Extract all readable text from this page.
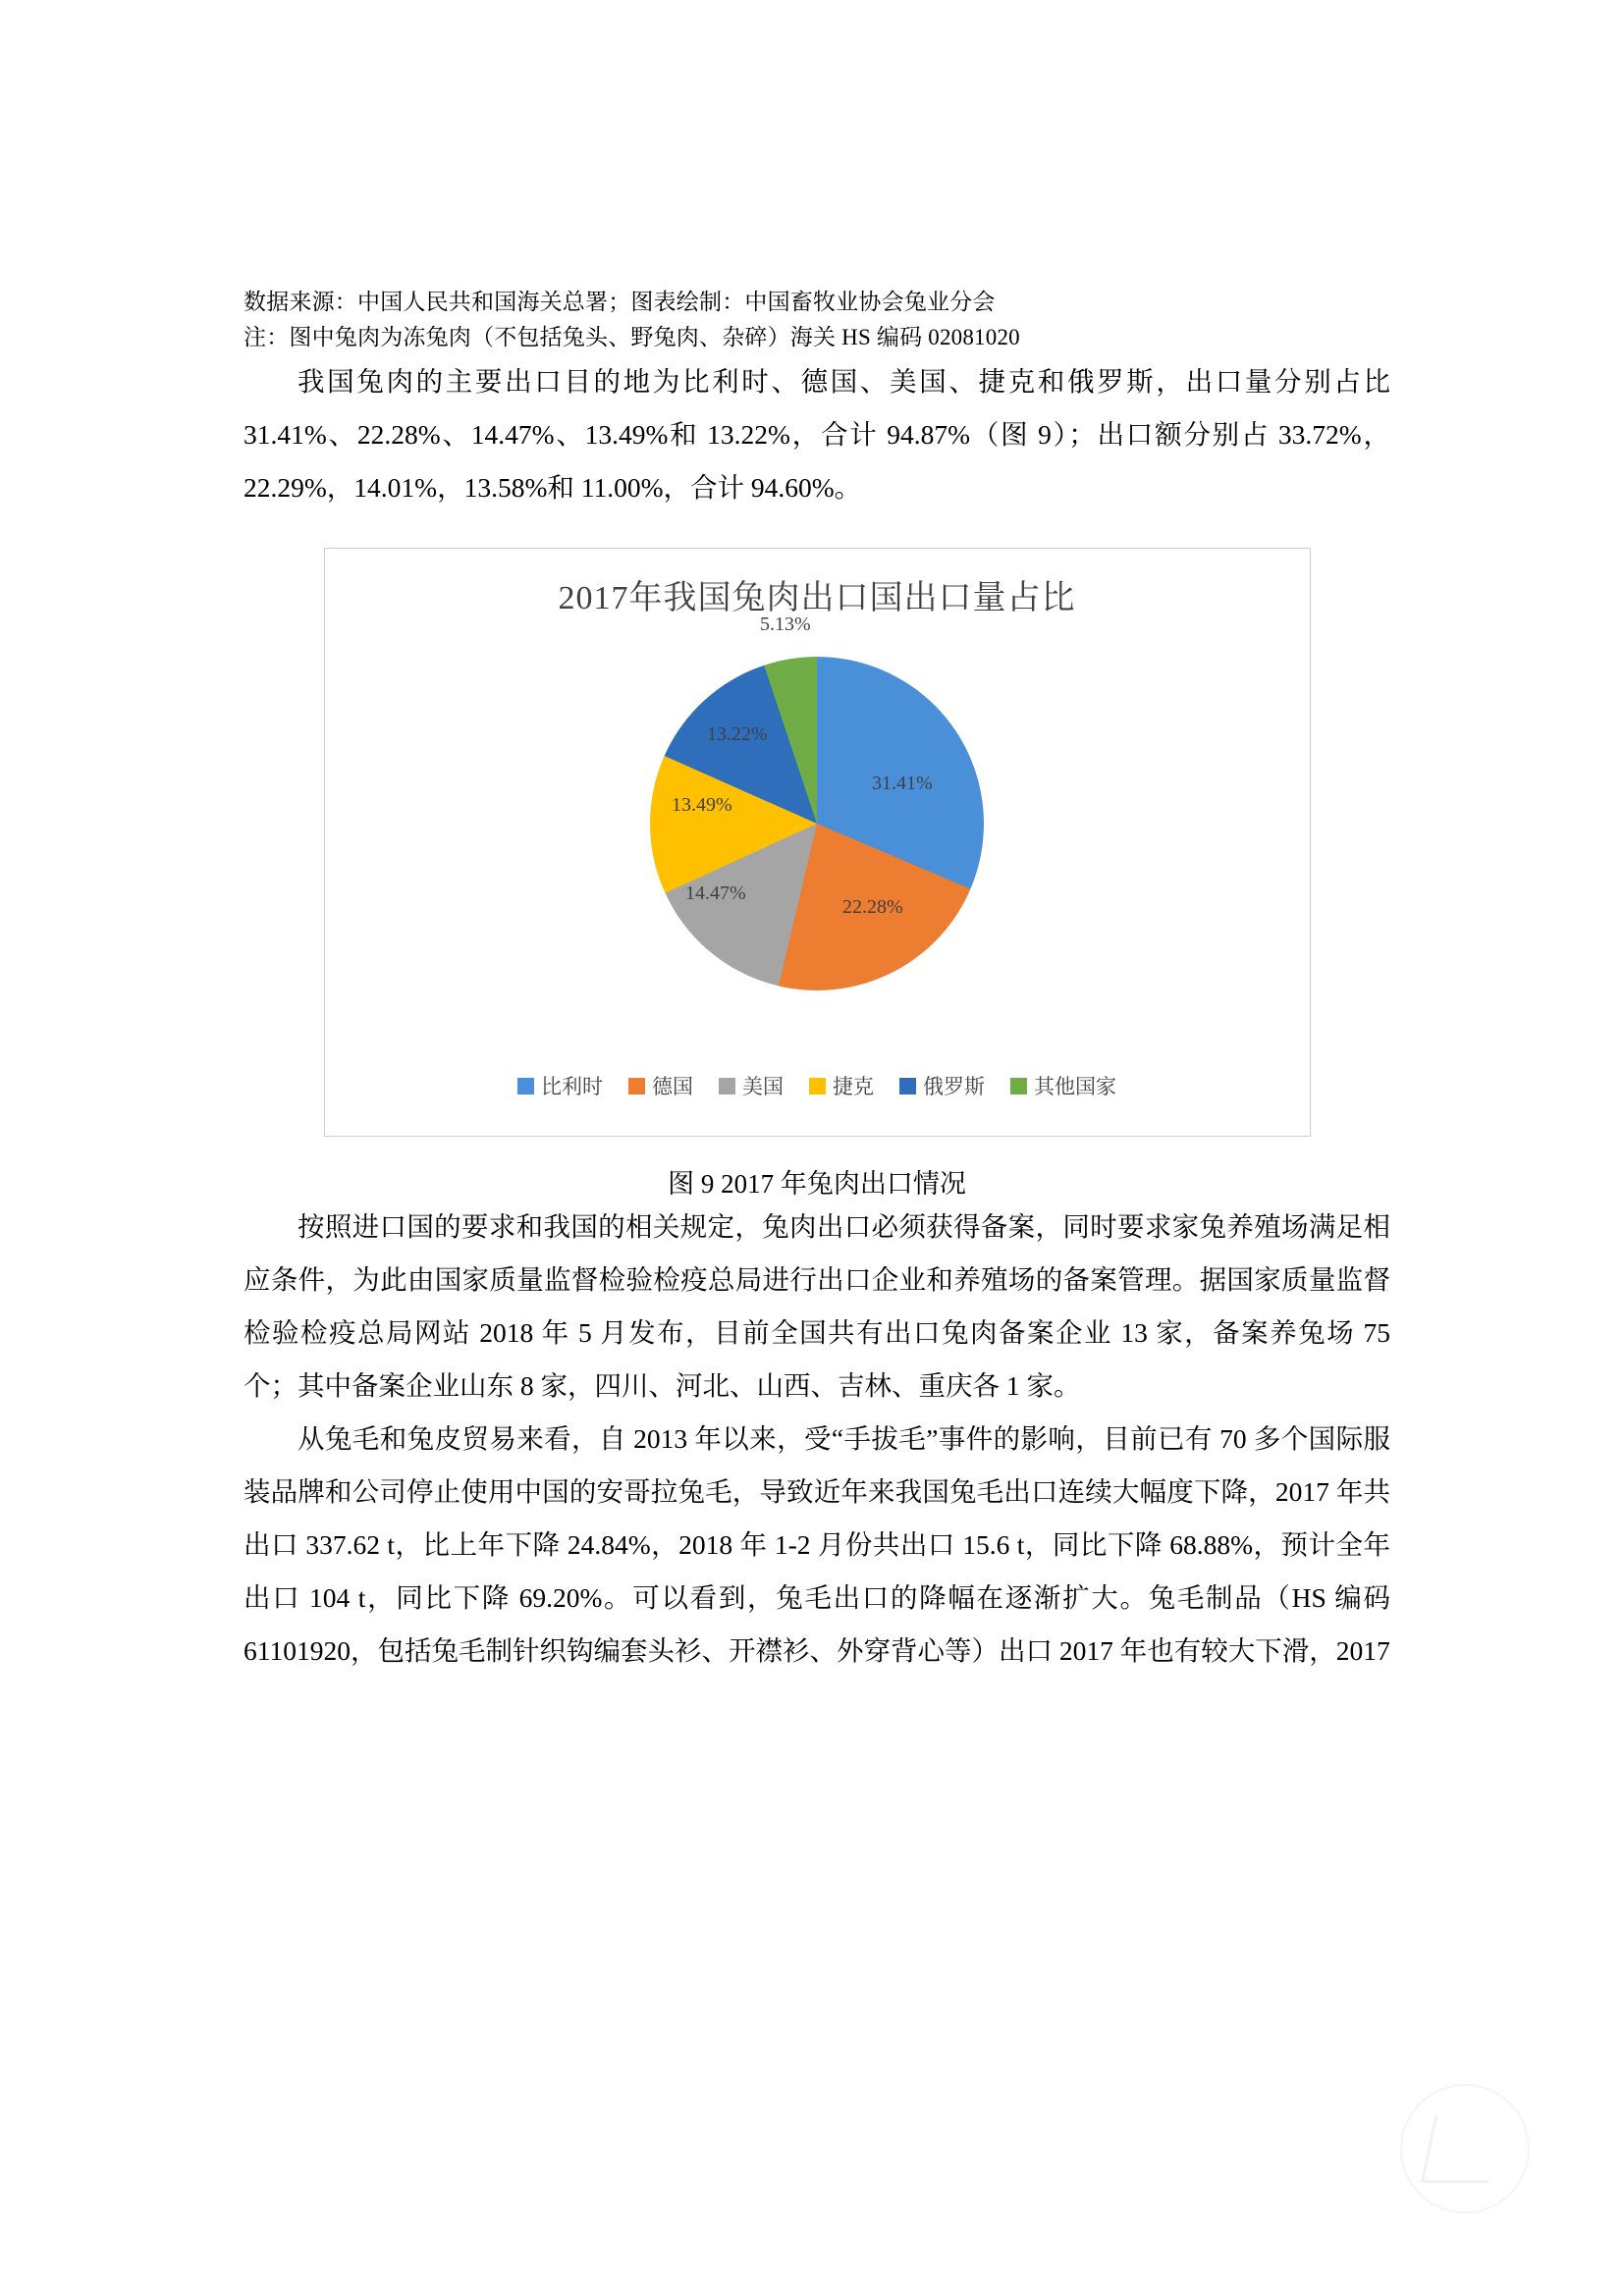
数据来源：中国人民共和国海关总署；图表绘制：中国畜牧业协会兔业分会
注：图中兔肉为冻兔肉（不包括兔头、野兔肉、杂碎）海关 HS 编码 02081020

我国兔肉的主要出口目的地为比利时、德国、美国、捷克和俄罗斯，出口量分别占比 31.41%、22.28%、14.47%、13.49%和 13.22%，合计 94.87%（图 9）；出口额分别占 33.72%，22.29%，14.01%，13.58%和 11.00%，合计 94.60%。

2017年我国兔肉出口国出口量占比
31.41%
22.28%
14.47%
13.49%
13.22%
5.13%
比利时 德国 美国 捷克 俄罗斯 其他国家
图 9 2017 年兔肉出口情况

按照进口国的要求和我国的相关规定，兔肉出口必须获得备案，同时要求家兔养殖场满足相应条件，为此由国家质量监督检验检疫总局进行出口企业和养殖场的备案管理。据国家质量监督检验检疫总局网站 2018 年 5 月发布，目前全国共有出口兔肉备案企业 13 家，备案养兔场 75 个；其中备案企业山东 8 家，四川、河北、山西、吉林、重庆各 1 家。

从兔毛和兔皮贸易来看，自 2013 年以来，受“手拔毛”事件的影响，目前已有 70 多个国际服装品牌和公司停止使用中国的安哥拉兔毛，导致近年来我国兔毛出口连续大幅度下降，2017 年共出口 337.62 t，比上年下降 24.84%，2018 年 1-2 月份共出口 15.6 t，同比下降 68.88%，预计全年出口 104 t，同比下降 69.20%。可以看到，兔毛出口的降幅在逐渐扩大。兔毛制品（HS 编码 61101920，包括兔毛制针织钩编套头衫、开襟衫、外穿背心等）出口 2017 年也有较大下滑，2017
